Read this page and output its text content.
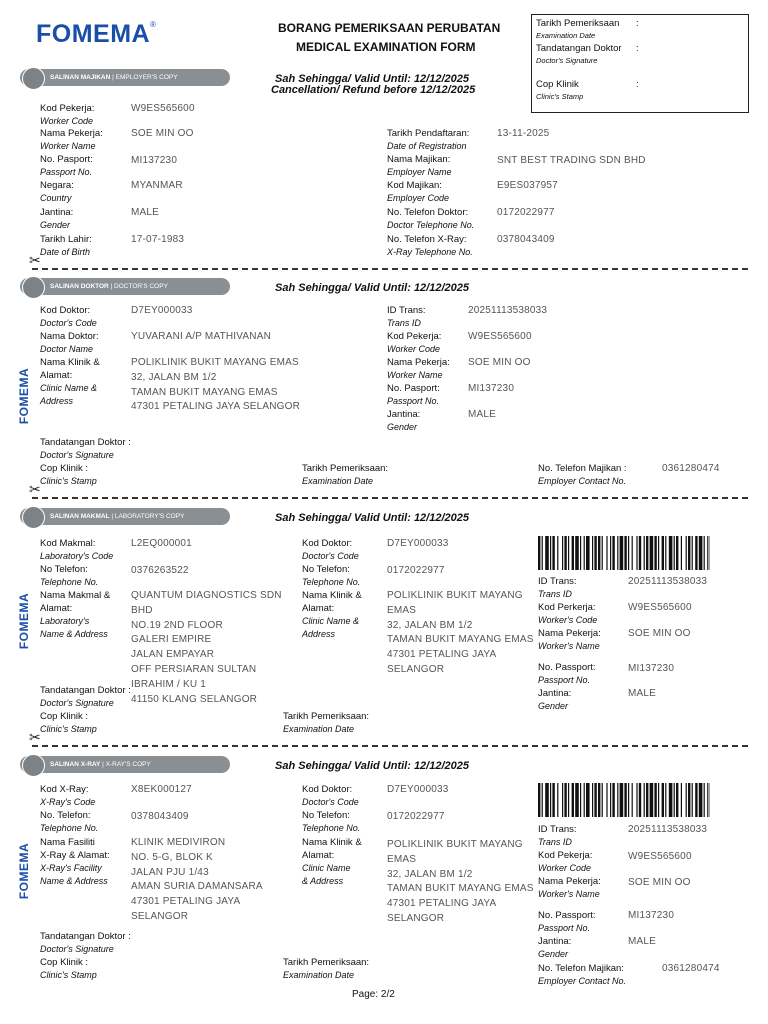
FOMEMA ®	BORANG PEMERIKSAAN PERUBATAN
MEDICAL EXAMINATION FORM
Tarikh Pemeriksaan :
Examination Date
Tandatangan Doktor :
Doctor's Signature
Cop Klinik	:
Clinic's Stamp
SALINAN MAJIKAN | EMPLOYER'S COPY	Sah Sehingga/ Valid Until: 12/12/2025
Cancellation/ Refund before 12/12/2025
Kod Pekerja:
Worker Code
W9ES565600
Nama Pekerja:
Worker Name
SOE MIN OO
No. Pasport:
Passport No.
MI137230
Negara:
Country
MYANMAR
Jantina:
Gender
MALE
Tarikh Lahir:
Date of Birth
17-07-1983
Tarikh Pendaftaran:
Date of Registration
13-11-2025
Nama Majikan:
Employer Name
SNT BEST TRADING SDN BHD
Kod Majikan:
Employer Code
E9ES037957
No. Telefon Doktor:
Doctor Telephone No.
0172022977
No. Telefon X-Ray:
X-Ray Telephone No.
0378043409
✂
SALINAN DOKTOR | DOCTOR'S COPY	Sah Sehingga/ Valid Until: 12/12/2025
FOMEMA
Kod Doktor:
Doctor's Code
D7EY000033
Nama Doktor:
Doctor Name
YUVARANI A/P MATHIVANAN
Nama Klinik &
Alamat:
Clinic Name &
Address
POLIKLINIK BUKIT MAYANG EMAS
32, JALAN BM 1/2
TAMAN BUKIT MAYANG EMAS
47301 PETALING JAYA SELANGOR
ID Trans:
Trans ID
20251113538033
Kod Pekerja:
Worker Code
W9ES565600
Nama Pekerja:
Worker Name
SOE MIN OO
No. Pasport:
Passport No.
MI137230
Jantina:
Gender
MALE
Tandatangan Doktor :
Doctor's Signature
Cop Klinik :
Clinic's Stamp
Tarikh Pemeriksaan:
Examination Date
No. Telefon Majikan :
Employer Contact No.
0361280474
✂
SALINAN MAKMAL | LABORATORY'S COPY	Sah Sehingga/ Valid Until: 12/12/2025
FOMEMA
Kod Makmal:
Laboratory's Code
L2EQ000001
No Telefon:
Telephone No.
0376263522
Nama Makmal &
Alamat:
Laboratory's
Name & Address
QUANTUM DIAGNOSTICS SDN
BHD
NO.19 2ND FLOOR
GALERI EMPIRE
JALAN EMPAYAR
OFF PERSIARAN SULTAN
IBRAHIM / KU 1
41150 KLANG SELANGOR
Kod Doktor:
Doctor's Code
D7EY000033
No Telefon:
Telephone No.
0172022977
Nama Klinik &
Alamat:
Clinic Name &
Address
POLIKLINIK BUKIT MAYANG
EMAS
32, JALAN BM 1/2
TAMAN BUKIT MAYANG EMAS
47301 PETALING JAYA
SELANGOR
ID Trans:
Trans ID
20251113538033
Kod Perkerja:
Worker's Code
W9ES565600
Nama Pekerja:
Worker's Name
SOE MIN OO
No. Passport:
Passport No.
MI137230
Jantina:
Gender
MALE
Tandatangan Doktor :
Doctor's Signature
Cop Klinik :
Clinic's Stamp
Tarikh Pemeriksaan:
Examination Date
✂
SALINAN X-RAY | X-RAY'S COPY	Sah Sehingga/ Valid Until: 12/12/2025
FOMEMA
Kod X-Ray:
X-Ray's Code
X8EK000127
No. Telefon:
Telephone No.
0378043409
Nama Fasiliti
X-Ray & Alamat:
X-Ray's Facility
Name & Address
KLINIK MEDIVIRON
NO. 5-G, BLOK K
JALAN PJU 1/43
AMAN SURIA DAMANSARA
47301 PETALING JAYA
SELANGOR
Kod Doktor:
Doctor's Code
D7EY000033
No Telefon:
Telephone No.
0172022977
Nama Klinik &
Alamat:
Clinic Name
& Address
POLIKLINIK BUKIT MAYANG
EMAS
32, JALAN BM 1/2
TAMAN BUKIT MAYANG EMAS
47301 PETALING JAYA
SELANGOR
ID Trans:
Trans ID
20251113538033
Kod Pekerja:
Worker Code
W9ES565600
Nama Pekerja:
Worker's Name
SOE MIN OO
No. Passport:
Passport No.
MI137230
Jantina:
Gender
MALE
No. Telefon Majikan:
Employer Contact No.
0361280474
Tandatangan Doktor :
Doctor's Signature
Cop Klinik :
Clinic's Stamp
Tarikh Pemeriksaan:
Examination Date
Page: 2/2
